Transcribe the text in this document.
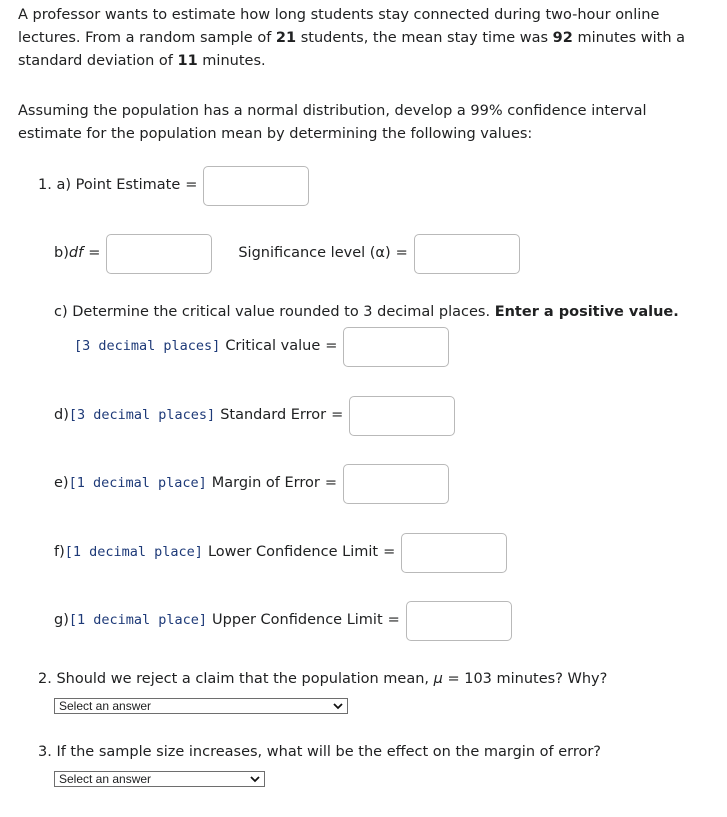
A professor wants to estimate how long students stay connected during two-hour online lectures. From a random sample of 21 students, the mean stay time was 92 minutes with a standard deviation of 11 minutes.
Assuming the population has a normal distribution, develop a 99% confidence interval estimate for the population mean by determining the following values:
1. a) Point Estimate =
b) df =	Significance level (α) =
c) Determine the critical value rounded to 3 decimal places. Enter a positive value.
[3 decimal places] Critical value =
d) [3 decimal places] Standard Error =
e) [1 decimal place] Margin of Error =
f) [1 decimal place] Lower Confidence Limit =
g) [1 decimal place] Upper Confidence Limit =
2. Should we reject a claim that the population mean, μ = 103 minutes? Why?
Select an answer
3. If the sample size increases, what will be the effect on the margin of error?
Select an answer
